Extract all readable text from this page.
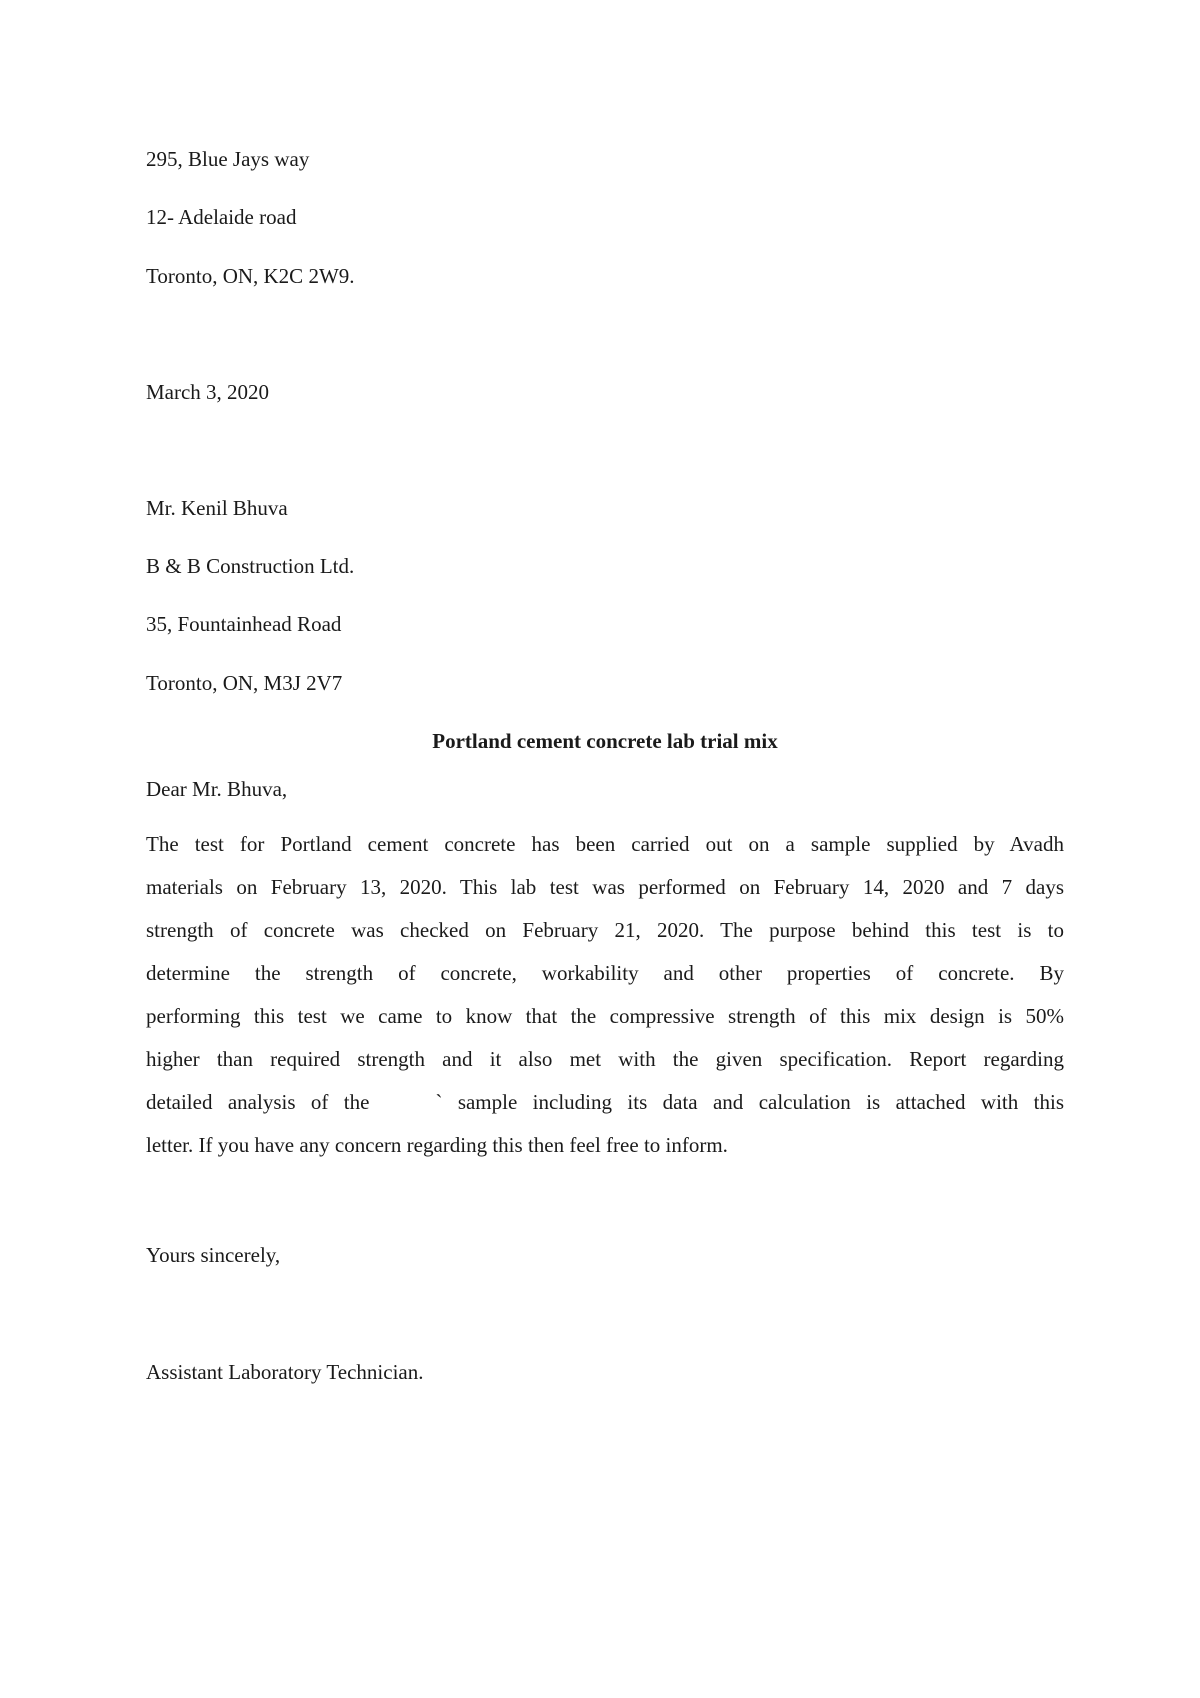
295, Blue Jays way
12- Adelaide road
Toronto, ON, K2C 2W9.
March 3, 2020
Mr. Kenil Bhuva
B & B Construction Ltd.
35, Fountainhead Road
Toronto, ON, M3J 2V7
Portland cement concrete lab trial mix
Dear Mr. Bhuva,
The test for Portland cement concrete has been carried out on a sample supplied by Avadh
materials on February 13, 2020. This lab test was performed on February 14, 2020 and 7 days
strength of concrete was checked on February 21, 2020. The purpose behind this test is to
determine the strength of concrete, workability and other properties of concrete. By
performing this test we came to know that the compressive strength of this mix design is 50%
higher than required strength and it also met with the given specification. Report regarding
detailed analysis of the	` sample including its data and calculation is attached with this
letter. If you have any concern regarding this then feel free to inform.
Yours sincerely,
Assistant Laboratory Technician.
